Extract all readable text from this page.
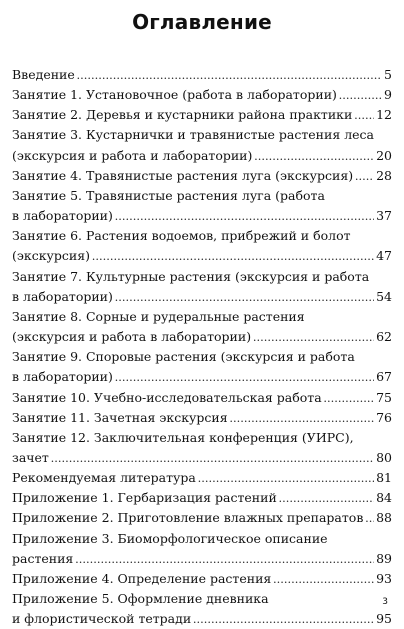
Оглавление
Введение .....	5
Занятие 1. Установочное (работа в лаборатории) .....	9
Занятие 2. Деревья и кустарники района практики ..... 12
Занятие 3. Кустарнички и травянистые растения леса
(экскурсия и работа и лаборатории) .....	20
Занятие 4. Травянистые растения луга (экскурсия) ..... 28
Занятие 5. Травянистые растения луга (работа
в лаборатории) .....	37
Занятие 6. Растения водоемов, прибрежий и болот
(экскурсия) .....	47
Занятие 7. Культурные растения (экскурсия и работа
в лаборатории) .....	54
Занятие 8. Сорные и рудеральные растения
(экскурсия и работа в лаборатории) .....	62
Занятие 9. Споровые растения (экскурсия и работа
в лаборатории) .....	67
Занятие 10. Учебно-исследовательская работа .....	75
Занятие 11. Зачетная экскурсия .....	76
Занятие 12. Заключительная конференция (УИРС),
зачет .....	80
Рекомендуемая литература .....	81
Приложение 1. Гербаризация растений .....	84
Приложение 2. Приготовление влажных препаратов ..... 88
Приложение 3. Биоморфологическое описание
растения .....	89
Приложение 4. Определение растения .....	93
Приложение 5. Оформление дневника
и флористической тетради .....	95
3
